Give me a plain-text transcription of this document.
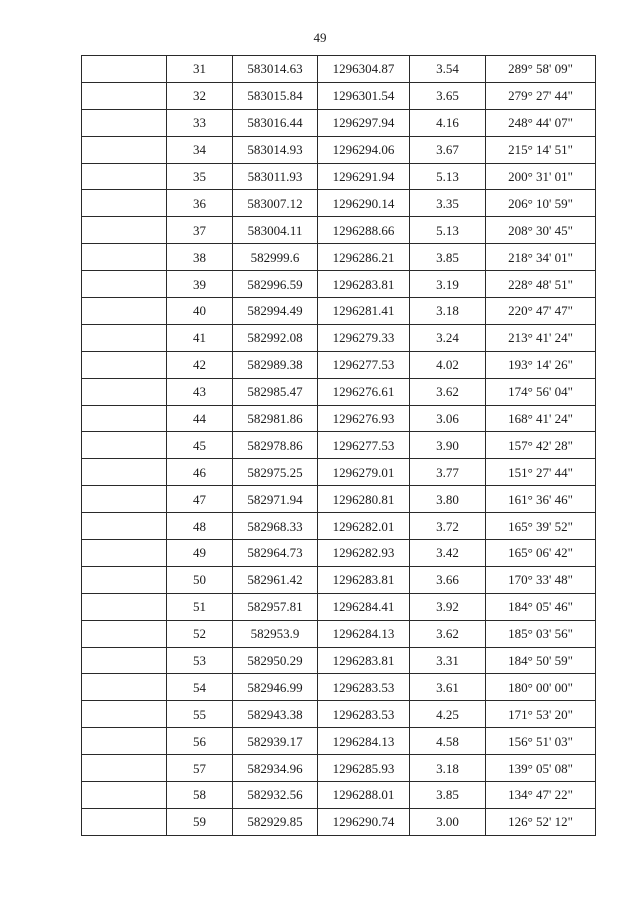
49
	31	583014.63	1296304.87	3.54	289° 58' 09"
	32	583015.84	1296301.54	3.65	279° 27' 44"
	33	583016.44	1296297.94	4.16	248° 44' 07"
	34	583014.93	1296294.06	3.67	215° 14' 51"
	35	583011.93	1296291.94	5.13	200° 31' 01"
	36	583007.12	1296290.14	3.35	206° 10' 59"
	37	583004.11	1296288.66	5.13	208° 30' 45"
	38	582999.6	1296286.21	3.85	218° 34' 01"
	39	582996.59	1296283.81	3.19	228° 48' 51"
	40	582994.49	1296281.41	3.18	220° 47' 47"
	41	582992.08	1296279.33	3.24	213° 41' 24"
	42	582989.38	1296277.53	4.02	193° 14' 26"
	43	582985.47	1296276.61	3.62	174° 56' 04"
	44	582981.86	1296276.93	3.06	168° 41' 24"
	45	582978.86	1296277.53	3.90	157° 42' 28"
	46	582975.25	1296279.01	3.77	151° 27' 44"
	47	582971.94	1296280.81	3.80	161° 36' 46"
	48	582968.33	1296282.01	3.72	165° 39' 52"
	49	582964.73	1296282.93	3.42	165° 06' 42"
	50	582961.42	1296283.81	3.66	170° 33' 48"
	51	582957.81	1296284.41	3.92	184° 05' 46"
	52	582953.9	1296284.13	3.62	185° 03' 56"
	53	582950.29	1296283.81	3.31	184° 50' 59"
	54	582946.99	1296283.53	3.61	180° 00' 00"
	55	582943.38	1296283.53	4.25	171° 53' 20"
	56	582939.17	1296284.13	4.58	156° 51' 03"
	57	582934.96	1296285.93	3.18	139° 05' 08"
	58	582932.56	1296288.01	3.85	134° 47' 22"
	59	582929.85	1296290.74	3.00	126° 52' 12"
